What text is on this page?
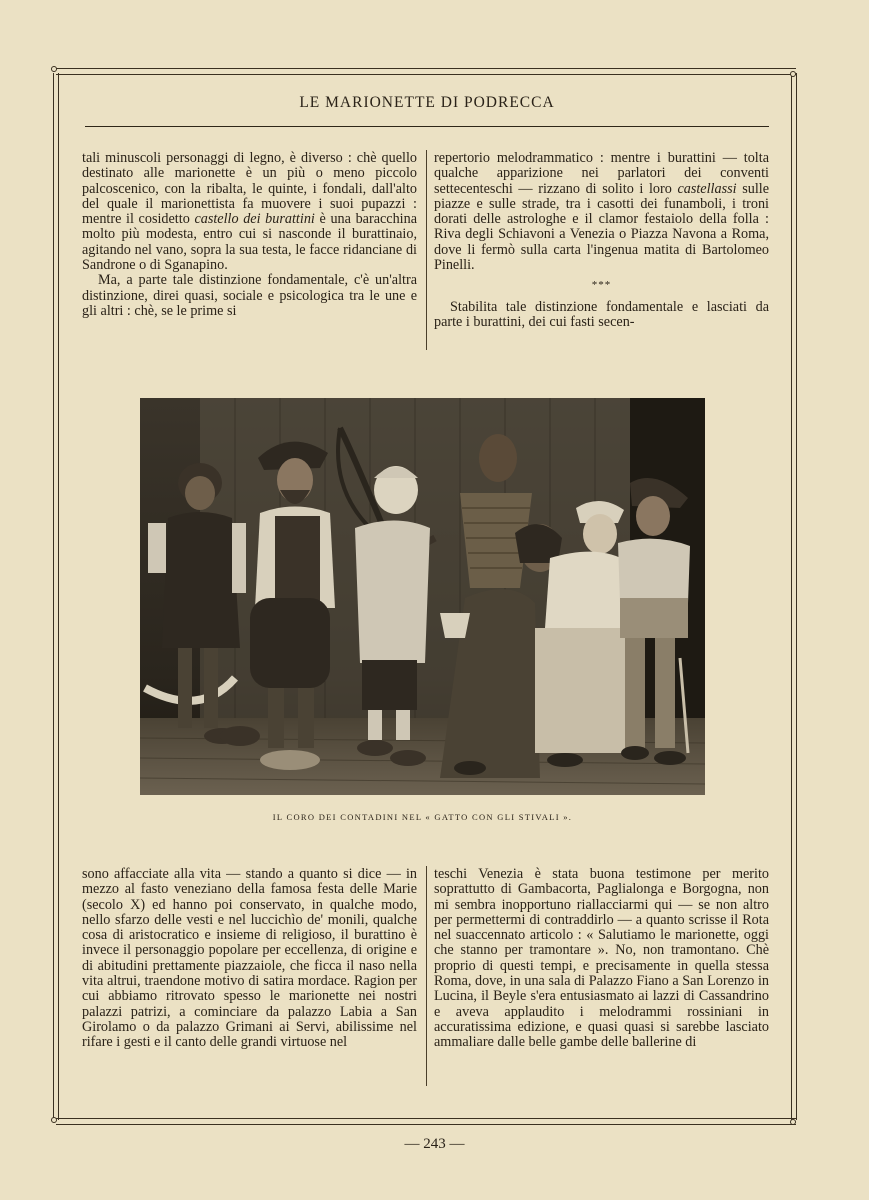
LE MARIONETTE DI PODRECCA

tali minuscoli personaggi di legno, è diverso : chè quello destinato alle marionette è un più o meno piccolo palcoscenico, con la ribalta, le quinte, i fondali, dall'alto del quale il marionettista fa muovere i suoi pupazzi : mentre il cosidetto castello dei burattini è una baracchina molto più modesta, entro cui si nasconde il burattinaio, agitando nel vano, sopra la sua testa, le facce ridanciane di Sandrone o di Sganapino.

Ma, a parte tale distinzione fondamentale, c'è un'altra distinzione, direi quasi, sociale e psicologica tra le une e gli altri : chè, se le prime si

repertorio melodrammatico : mentre i burattini — tolta qualche apparizione nei parlatori dei conventi settecenteschi — rizzano di solito i loro castellassi sulle piazze e sulle strade, tra i casotti dei funamboli, i troni dorati delle astrologhe e il clamor festaiolo della folla : Riva degli Schiavoni a Venezia o Piazza Navona a Roma, dove li fermò sulla carta l'ingenua matita di Bartolomeo Pinelli.

***

Stabilita tale distinzione fondamentale e lasciati da parte i burattini, dei cui fasti secen-

IL CORO DEI CONTADINI NEL « GATTO CON GLI STIVALI ».

sono affacciate alla vita — stando a quanto si dice — in mezzo al fasto veneziano della famosa festa delle Marie (secolo X) ed hanno poi conservato, in qualche modo, nello sfarzo delle vesti e nel luccichìo de' monili, qualche cosa di aristocratico e insieme di religioso, il burattino è invece il personaggio popolare per eccellenza, di origine e di abitudini prettamente piazzaiole, che ficca il naso nella vita altrui, traendone motivo di satira mordace. Ragion per cui abbiamo ritrovato spesso le marionette nei nostri palazzi patrizi, a cominciare da palazzo Labia a San Girolamo o da palazzo Grimani ai Servi, abilissime nel rifare i gesti e il canto delle grandi virtuose nel

teschi Venezia è stata buona testimone per merito soprattutto di Gambacorta, Paglialonga e Borgogna, non mi sembra inopportuno riallacciarmi qui — se non altro per permettermi di contraddirlo — a quanto scrisse il Rota nel suaccennato articolo : « Salutiamo le marionette, oggi che stanno per tramontare ». No, non tramontano. Chè proprio di questi tempi, e precisamente in quella stessa Roma, dove, in una sala di Palazzo Fiano a San Lorenzo in Lucina, il Beyle s'era entusiasmato ai lazzi di Cassandrino e aveva applaudito i melodrammi rossiniani in accuratissima edizione, e quasi quasi si sarebbe lasciato ammaliare dalle belle gambe delle ballerine di

— 243 —
